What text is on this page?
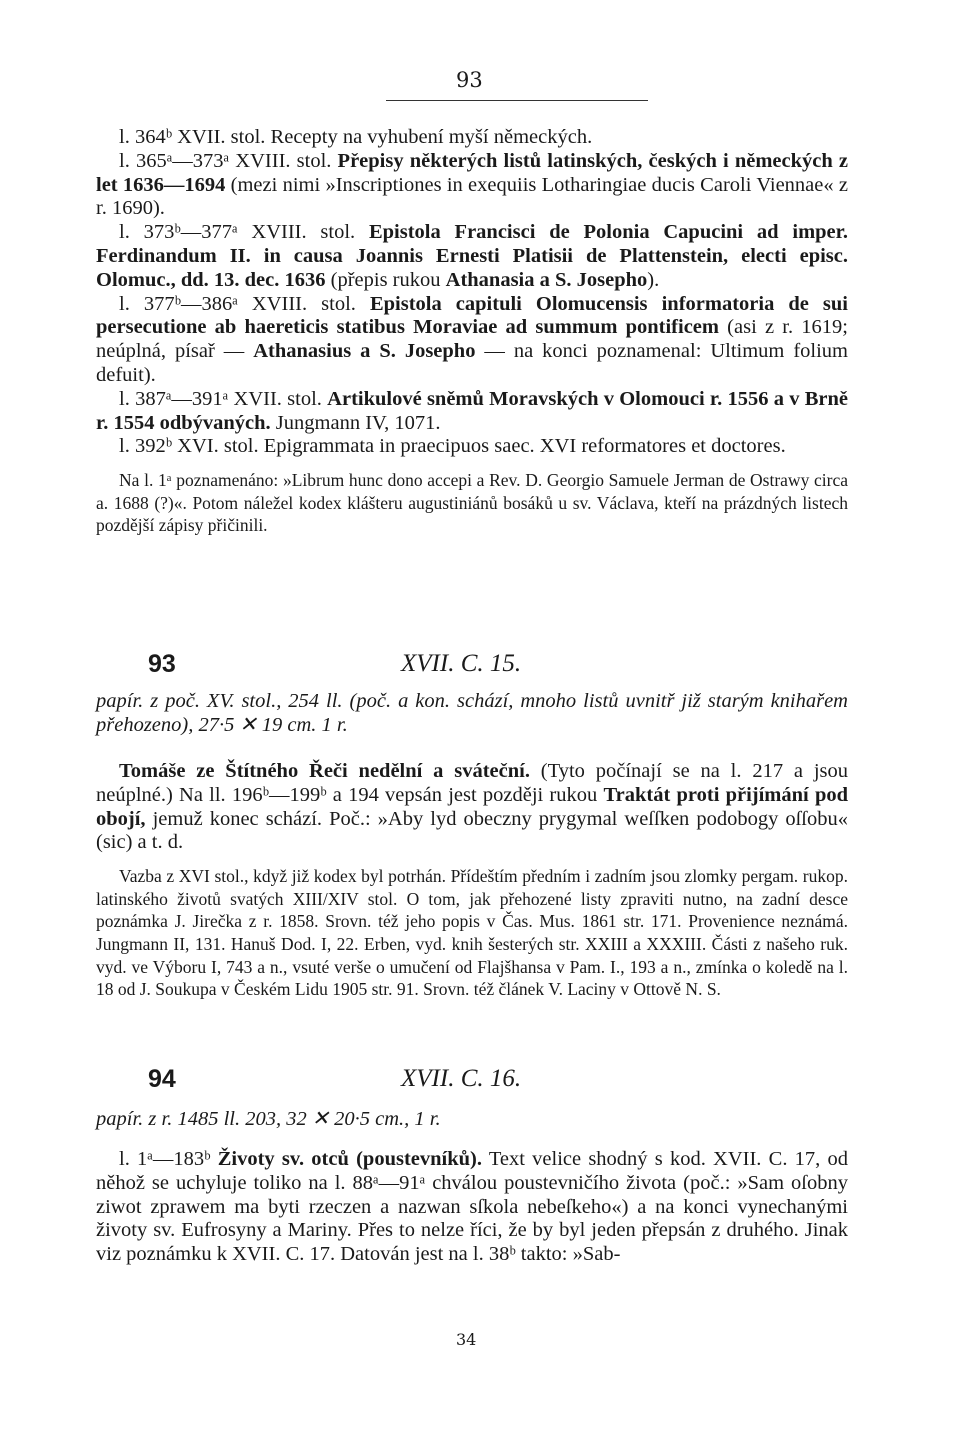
93

l. 364ᵇ XVII. stol. Recepty na vyhubení myší německých.

l. 365ᵃ—373ᵃ XVIII. stol. Přepisy některých listů latinských, českých i německých z let 1636—1694 (mezi nimi »Inscriptiones in exequiis Lotharingiae ducis Caroli Viennae« z r. 1690).

l. 373ᵇ—377ᵃ XVIII. stol. Epistola Francisci de Polonia Capucini ad imper. Ferdinandum II. in causa Joannis Ernesti Platisii de Plattenstein, electi episc. Olomuc., dd. 13. dec. 1636 (přepis rukou Athanasia a S. Josepho).

l. 377ᵇ—386ᵃ XVIII. stol. Epistola capituli Olomucensis informatoria de sui persecutione ab haereticis statibus Moraviae ad summum pontificem (asi z r. 1619; neúplná, písař — Athanasius a S. Josepho — na konci poznamenal: Ultimum folium defuit).

l. 387ᵃ—391ᵃ XVII. stol. Artikulové sněmů Moravských v Olomouci r. 1556 a v Brně r. 1554 odbývaných. Jungmann IV, 1071.

l. 392ᵇ XVI. stol. Epigrammata in praecipuos saec. XVI reformatores et doctores.

Na l. 1ᵃ poznamenáno: »Librum hunc dono accepi a Rev. D. Georgio Samuele Jerman de Ostrawy circa a. 1688 (?)«. Potom náležel kodex klášteru augustiniánů bosáků u sv. Václava, kteří na prázdných listech pozdější zápisy přičinili.

93	XVII. C. 15.
papír. z poč. XV. stol., 254 ll. (poč. a kon. schází, mnoho listů uvnitř již starým knihařem přehozeno), 27·5 ✕ 19 cm. 1 r.

Tomáše ze Štítného Řeči nedělní a sváteční. (Tyto počínají se na l. 217 a jsou neúplné.) Na ll. 196ᵇ—199ᵇ a 194 vepsán jest později rukou Traktát proti přijímání pod obojí, jemuž konec schází. Poč.: »Aby lyd obeczny prygymal weſſken podobogy oſſobu« (sic) a t. d.

Vazba z XVI stol., když již kodex byl potrhán. Přídeštím předním i zadním jsou zlomky pergam. rukop. latinského životů svatých XIII/XIV stol. O tom, jak přehozené listy zpraviti nutno, na zadní desce poznámka J. Jirečka z r. 1858. Srovn. též jeho popis v Čas. Mus. 1861 str. 171. Provenience neznámá. Jungmann II, 131. Hanuš Dod. I, 22. Erben, vyd. knih šesterých str. XXIII a XXXIII. Části z našeho ruk. vyd. ve Výboru I, 743 a n., vsuté verše o umučení od Flajšhansa v Pam. I., 193 a n., zmínka o koledě na l. 18 od J. Soukupa v Českém Lidu 1905 str. 91. Srovn. též článek V. Laciny v Ottově N. S.

94	XVII. C. 16.
papír. z r. 1485 ll. 203, 32 ✕ 20·5 cm., 1 r.

l. 1ᵃ—183ᵇ Životy sv. otců (poustevníků). Text velice shodný s kod. XVII. C. 17, od něhož se uchyluje toliko na l. 88ᵃ—91ᵃ chválou poustevničího života (poč.: »Sam oſobny ziwot zprawem ma byti rzeczen a nazwan sſkola nebeſkeho«) a na konci vynechanými životy sv. Eufrosyny a Mariny. Přes to nelze říci, že by byl jeden přepsán z druhého. Jinak viz poznámku k XVII. C. 17. Datován jest na l. 38ᵇ takto: »Sab-

34
